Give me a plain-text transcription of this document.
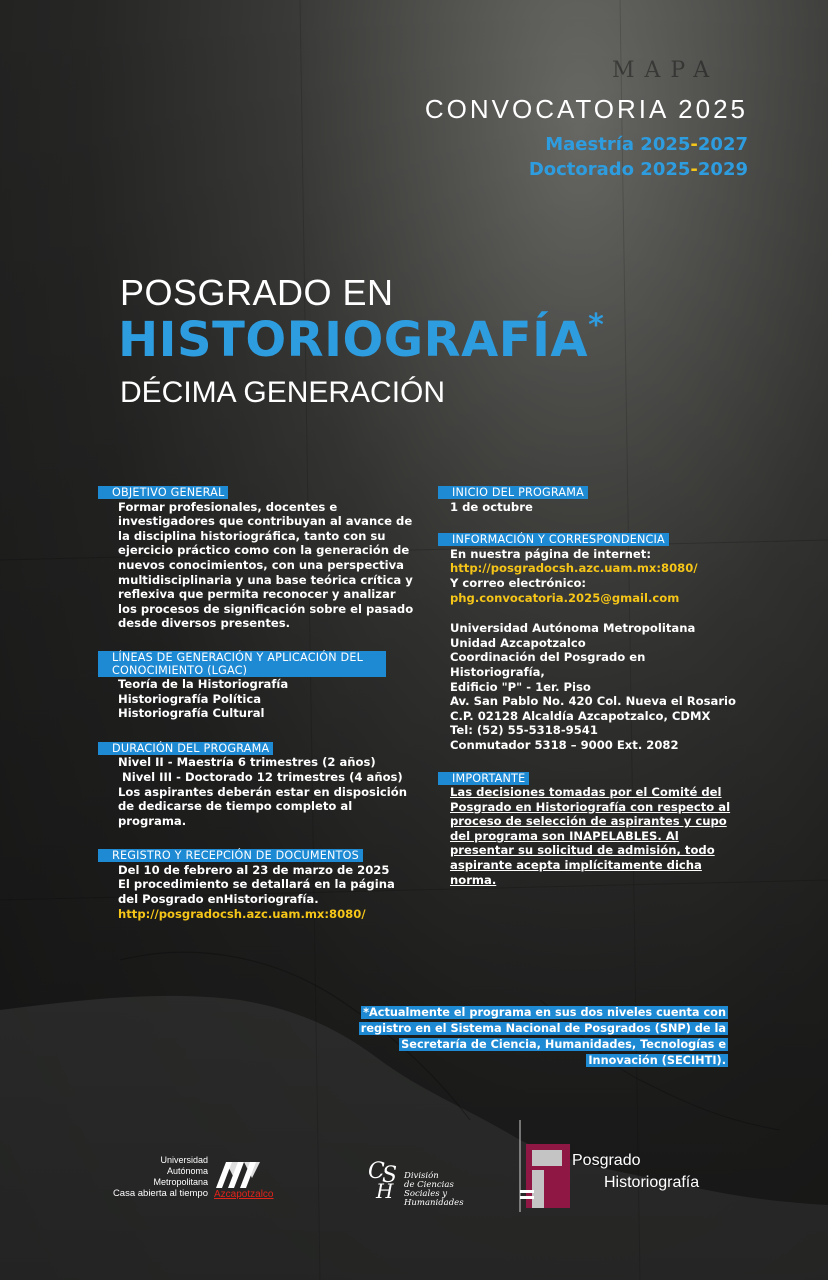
MAPA
CONVOCATORIA 2025
Maestría 2025-2027
Doctorado 2025-2029
POSGRADO EN
HISTORIOGRAFÍA*
DÉCIMA GENERACIÓN
OBJETIVO GENERAL
Formar profesionales, docentes e investigadores que contribuyan al avance de la disciplina historiográfica, tanto con su ejercicio práctico como con la generación de nuevos conocimientos, con una perspectiva multidisciplinaria y una base teórica crítica y reflexiva que permita reconocer y analizar los procesos de significación sobre el pasado desde diversos presentes.
LÍNEAS DE GENERACIÓN Y APLICACIÓN DEL CONOCIMIENTO (LGAC)
Teoría de la Historiografía
Historiografía Política
Historiografía Cultural
DURACIÓN DEL PROGRAMA
Nivel II - Maestría 6 trimestres (2 años)
Nivel III - Doctorado 12 trimestres (4 años)
Los aspirantes deberán estar en disposición de dedicarse de tiempo completo al programa.
REGISTRO Y RECEPCIÓN DE DOCUMENTOS
Del 10 de febrero al 23 de marzo de 2025
El procedimiento se detallará en la página del Posgrado enHistoriografía.
http://posgradocsh.azc.uam.mx:8080/
INICIO DEL PROGRAMA
1 de octubre
INFORMACIÓN Y CORRESPONDENCIA
En nuestra página de internet:
http://posgradocsh.azc.uam.mx:8080/
Y correo electrónico:
phg.convocatoria.2025@gmail.com
Universidad Autónoma Metropolitana
Unidad Azcapotzalco
Coordinación del Posgrado en Historiografía,
Edificio "P" - 1er. Piso
Av. San Pablo No. 420 Col. Nueva el Rosario
C.P. 02128 Alcaldía Azcapotzalco, CDMX
Tel: (52) 55-5318-9541
Conmutador 5318 – 9000 Ext. 2082
IMPORTANTE
Las decisiones tomadas por el Comité del Posgrado en Historiografía con respecto al proceso de selección de aspirantes y cupo del programa son INAPELABLES. Al presentar su solicitud de admisión, todo aspirante acepta implícitamente dicha norma.
*Actualmente el programa en sus dos niveles cuenta con
registro en el Sistema Nacional de Posgrados (SNP) de la
Secretaría de Ciencia, Humanidades, Tecnologías e
Innovación (SECIHTI).
Universidad
Autónoma
Metropolitana
Casa abierta al tiempo Azcapotzalco
C
S
H
División
de Ciencias
Sociales y
Humanidades
Posgrado
Historiografía
